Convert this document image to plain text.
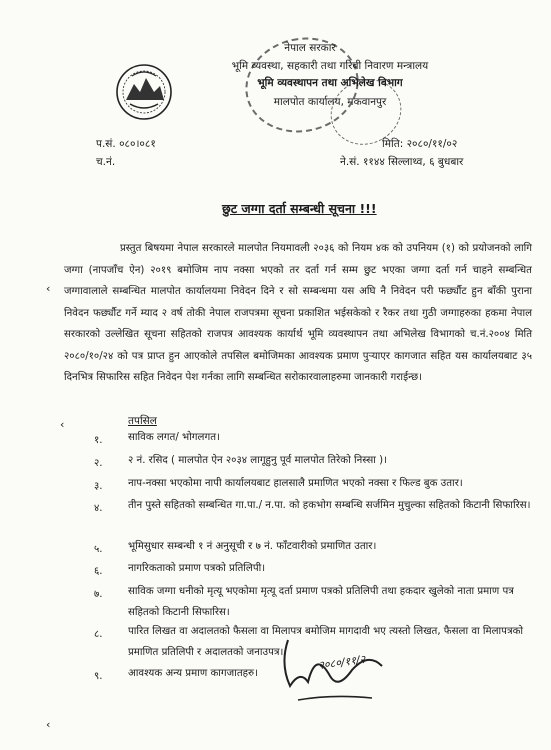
नेपाल सरकार
भूमि व्यवस्था, सहकारी तथा गरिबी निवारण मन्त्रालय
भूमि व्यवस्थापन तथा अभिलेख विभाग
मालपोत कार्यालय, मकवानपुर
प.सं. ०८०।०८१
च.नं.
मिति: २०८०/११/०२
ने.सं. ११४४ सिल्लाथ्व, ६ बुधबार
छुट जग्गा दर्ता सम्बन्धी सूचना !!!
प्रस्तुत बिषयमा नेपाल सरकारले मालपोत नियमावली २०३६ को नियम ४क को उपनियम (१) को प्रयोजनको लागि जग्गा (नापजाँच ऐन) २०१९ बमोजिम नाप नक्सा भएको तर दर्ता गर्न सम्म छुट भएका जग्गा दर्ता गर्न चाहने सम्बन्धित जग्गावालाले सम्बन्धित मालपोत कार्यालयमा निवेदन दिने र सो सम्बन्धमा यस अघि नै निवेदन परी फर्छ्यौट हुन बाँकी पुराना निवेदन फर्छ्यौट गर्ने म्याद २ वर्ष तोकी नेपाल राजपत्रमा सूचना प्रकाशित भईसकेको र रैकर तथा गुठी जग्गाहरुका हकमा नेपाल सरकारको उल्लेखित सूचना सहितको राजपत्र आवश्यक कार्यार्थ भूमि व्यवस्थापन तथा अभिलेख विभागको च.नं.२००४ मिति २०८०/१०/२४ को पत्र प्राप्त हुन आएकोले तपसिल बमोजिमका आवश्यक प्रमाण पुर्‍याएर कागजात सहित यस कार्यालयबाट ३५ दिनभित्र सिफारिस सहित निवेदन पेश गर्नका लागि सम्बन्धित सरोकारवालाहरुमा जानकारी गराईन्छ।
तपसिल
१. साविक लगत/ भोगलगत।
२. २ नं. रसिद ( मालपोत ऐन २०३४ लागूहुनु पूर्व मालपोत तिरेको निस्सा )।
३. नाप-नक्सा भएकोमा नापी कार्यालयबाट हालसालै प्रमाणित भएको नक्सा र फिल्ड बुक उतार।
४. तीन पुस्ते सहितको सम्बन्धित गा.पा./ न.पा. को हकभोग सम्बन्धि सर्जमिन मुचुल्का सहितको किटानी सिफारिस।
५. भूमिसुधार सम्बन्धी १ नं अनुसूची र ७ नं. फाँटवारीको प्रमाणित उतार।
६. नागरिकताको प्रमाण पत्रको प्रतिलिपी।
७. साविक जग्गा धनीको मृत्यू भएकोमा मृत्यू दर्ता प्रमाण पत्रको प्रतिलिपी तथा हकदार खुलेको नाता प्रमाण पत्र सहितको किटानी सिफारिस।
८. पारित लिखत वा अदालतको फैसला वा मिलापत्र बमोजिम मागदावी भए त्यस्तो लिखत, फैसला वा मिलापत्रको प्रमाणित प्रतिलिपी र अदालतको जनाउपत्र।
९. आवश्यक अन्य प्रमाण कागजातहरु।
२०८०/११/२
‹
‹
‹
